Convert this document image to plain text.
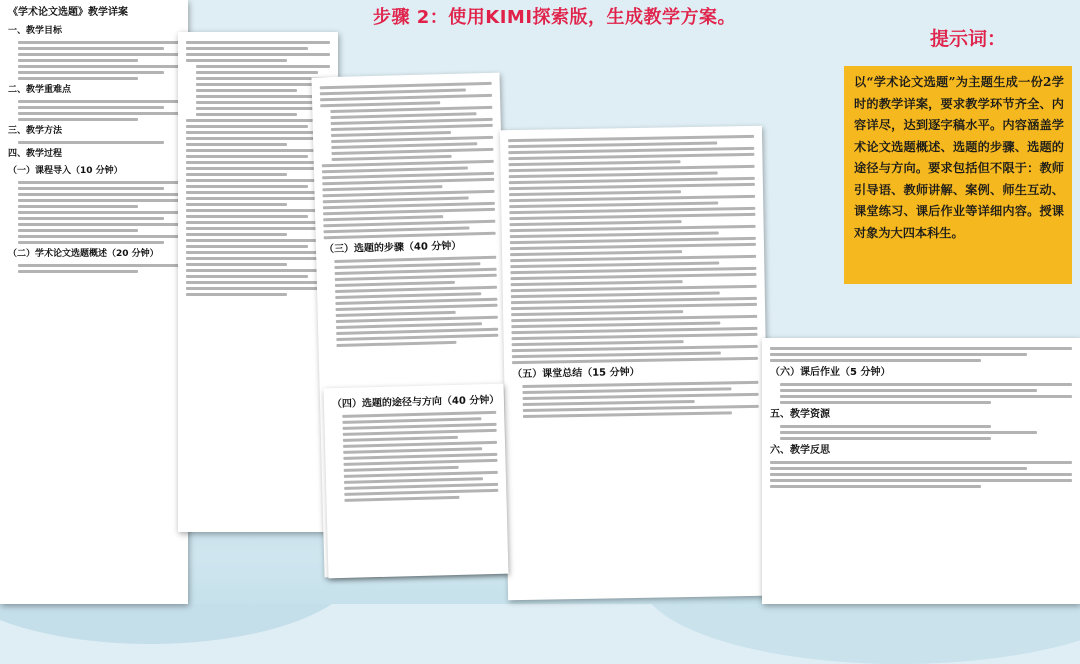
《学术论文选题》教学详案
一、教学目标
二、教学重难点
三、教学方法
四、教学过程
（一）课程导入（10 分钟）
（二）学术论文选题概述（20 分钟）	（三）选题的步骤（40 分钟）
（五）课堂总结（15 分钟）
（四）选题的途径与方向（40 分钟）
（六）课后作业（5 分钟）
五、教学资源
六、教学反思
步骤 2：使用KIMI探索版，生成教学方案。
提示词：
以“学术论文选题”为主题生成一份2学时的教学详案，要求教学环节齐全、内容详尽，达到逐字稿水平。内容涵盖学术论文选题概述、选题的步骤、选题的途径与方向。要求包括但不限于：教师引导语、教师讲解、案例、师生互动、课堂练习、课后作业等详细内容。授课对象为大四本科生。
